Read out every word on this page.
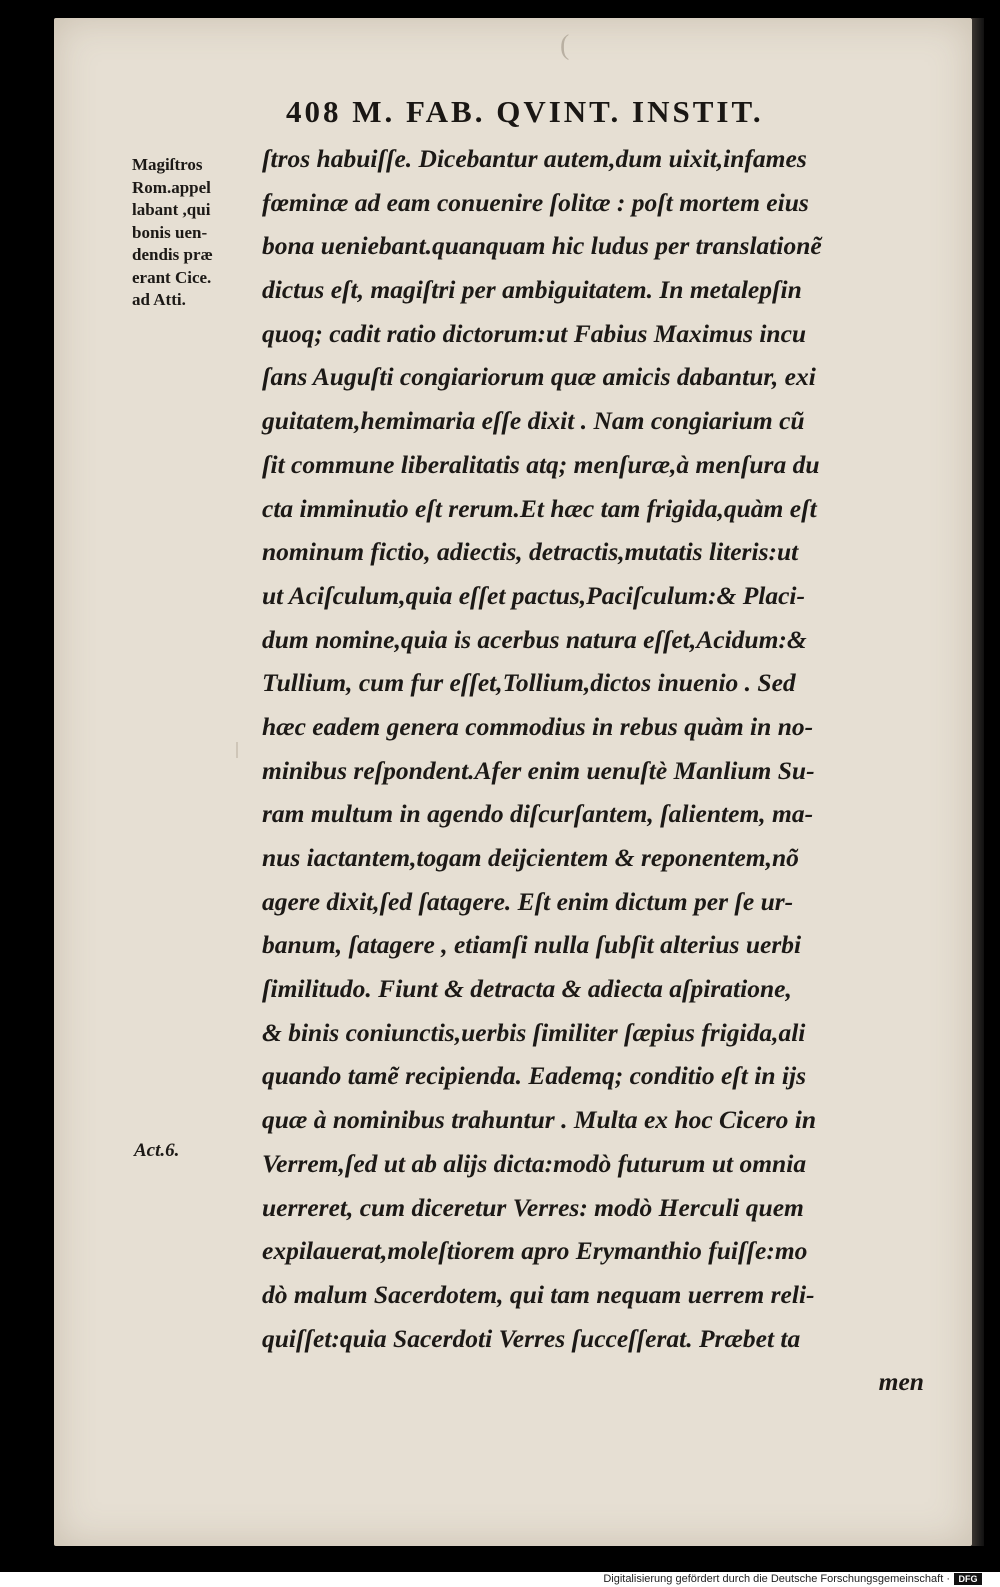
(
408 M. FAB. QVINT. INSTIT.
Magiſtros
Rom.appel
labant ,qui
bonis uen-
dendis præ
erant Cice.
ad Atti.
Act.6.
ſtros habuiſſe. Dicebantur autem,dum uixit,infames
fœminæ ad eam conuenire ſolitæ : poſt mortem eius
bona ueniebant.quanquam hic ludus per translationẽ
dictus eſt, magiſtri per ambiguitatem. In metalepſin
quoq; cadit ratio dictorum:ut Fabius Maximus incu
ſans Auguſti congiariorum quæ amicis dabantur, exi
guitatem,hemimaria eſſe dixit . Nam congiarium cũ
ſit commune liberalitatis atq; menſuræ,à menſura du
cta imminutio eſt rerum.Et hæc tam frigida,quàm eſt
nominum fictio, adiectis, detractis,mutatis literis:ut
ut Aciſculum,quia eſſet pactus,Paciſculum:& Placi-
dum nomine,quia is acerbus natura eſſet,Acidum:&
Tullium, cum fur eſſet,Tollium,dictos inuenio . Sed
hæc eadem genera commodius in rebus quàm in no-
minibus reſpondent.Afer enim uenuſtè Manlium Su-
ram multum in agendo diſcurſantem, ſalientem, ma-
nus iactantem,togam deijcientem & reponentem,nõ
agere dixit,ſed ſatagere. Eſt enim dictum per ſe ur-
banum, ſatagere , etiamſi nulla ſubſit alterius uerbi
ſimilitudo. Fiunt & detracta & adiecta aſpiratione,
& binis coniunctis,uerbis ſimiliter ſæpius frigida,ali
quando tamẽ recipienda. Eademq; conditio eſt in ijs
quæ à nominibus trahuntur . Multa ex hoc Cicero in
Verrem,ſed ut ab alijs dicta:modò futurum ut omnia
uerreret, cum diceretur Verres: modò Herculi quem
expilauerat,moleſtiorem apro Erymanthio fuiſſe:mo
dò malum Sacerdotem, qui tam nequam uerrem reli-
quiſſet:quia Sacerdoti Verres ſucceſſerat. Præbet ta
men
Digitalisierung gefördert durch die Deutsche Forschungsgemeinschaft · DFG
